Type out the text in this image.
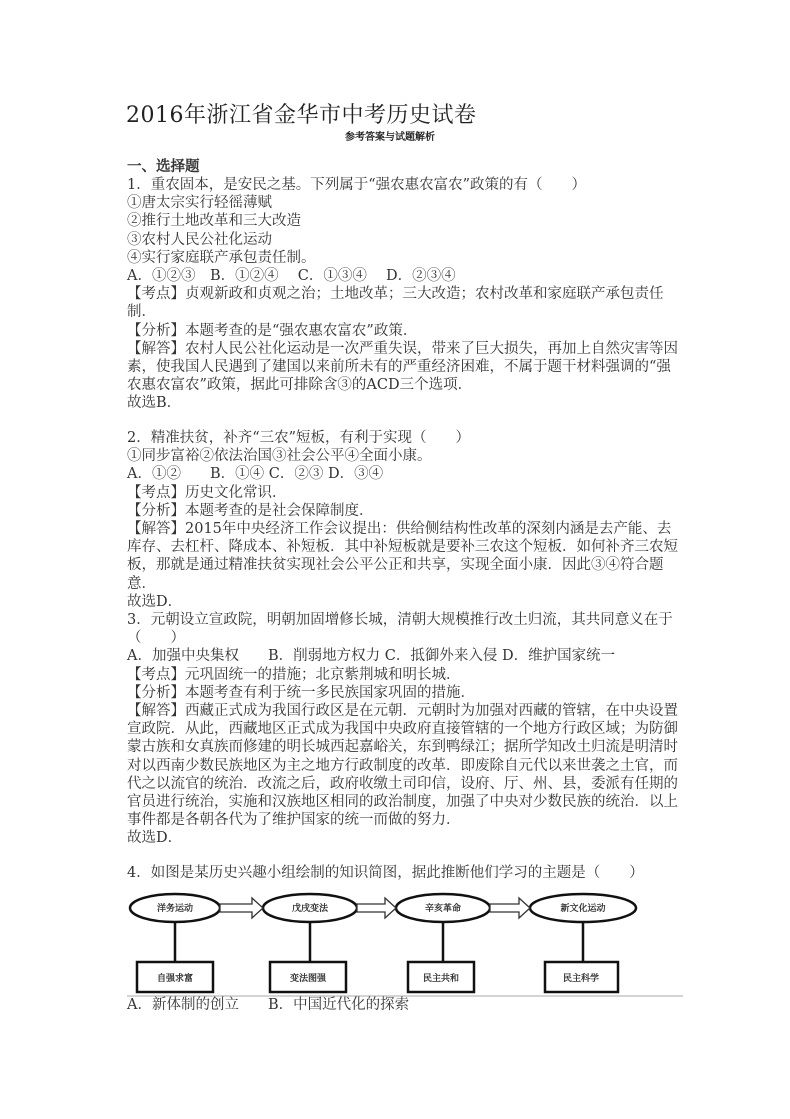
2016年浙江省金华市中考历史试卷
参考答案与试题解析
一、选择题
1．重农固本，是安民之基。下列属于“强农惠农富农”政策的有（　　）
①唐太宗实行轻徭薄赋
②推行土地改革和三大改造
③农村人民公社化运动
④实行家庭联产承包责任制。
A．①②③　B．①②④　 C．①③④　 D．②③④
【考点】贞观新政和贞观之治；土地改革；三大改造；农村改革和家庭联产承包责任制．
【分析】本题考查的是“强农惠农富农”政策．
【解答】农村人民公社化运动是一次严重失误，带来了巨大损失，再加上自然灾害等因素，使我国人民遇到了建国以来前所未有的严重经济困难，不属于题干材料强调的“强农惠农富农”政策，据此可排除含③的ACD三个选项．
故选B．
2．精准扶贫，补齐“三农”短板，有利于实现（　　）
①同步富裕②依法治国③社会公平④全面小康。
A．①②　　B．①④ C．②③ D．③④
【考点】历史文化常识．
【分析】本题考查的是社会保障制度．
【解答】2015年中央经济工作会议提出：供给侧结构性改革的深刻内涵是去产能、去库存、去杠杆、降成本、补短板．其中补短板就是要补三农这个短板．如何补齐三农短板，那就是通过精准扶贫实现社会公平公正和共享，实现全面小康．因此③④符合题意．
故选D．
3．元朝设立宣政院，明朝加固增修长城，清朝大规模推行改土归流，其共同意义在于（　　）
A．加强中央集权　　B．削弱地方权力 C．抵御外来入侵 D．维护国家统一
【考点】元巩固统一的措施；北京紫荆城和明长城．
【分析】本题考查有利于统一多民族国家巩固的措施．
【解答】西藏正式成为我国行政区是在元朝．元朝时为加强对西藏的管辖，在中央设置宣政院．从此，西藏地区正式成为我国中央政府直接管辖的一个地方行政区域；为防御蒙古族和女真族而修建的明长城西起嘉峪关，东到鸭绿江；据所学知改土归流是明清时对以西南少数民族地区为主之地方行政制度的改革．即废除自元代以来世袭之土官，而代之以流官的统治．改流之后，政府收缴土司印信，设府、厅、州、县，委派有任期的官员进行统治，实施和汉族地区相同的政治制度，加强了中央对少数民族的统治．以上事件都是各朝各代为了维护国家的统一而做的努力．
故选D．
4．如图是某历史兴趣小组绘制的知识简图，据此推断他们学习的主题是（　　）
洋务运动	戊戌变法	辛亥革命	新文化运动
自强求富	变法图强	民主共和	民主科学
A．新体制的创立　　B．中国近代化的探索
